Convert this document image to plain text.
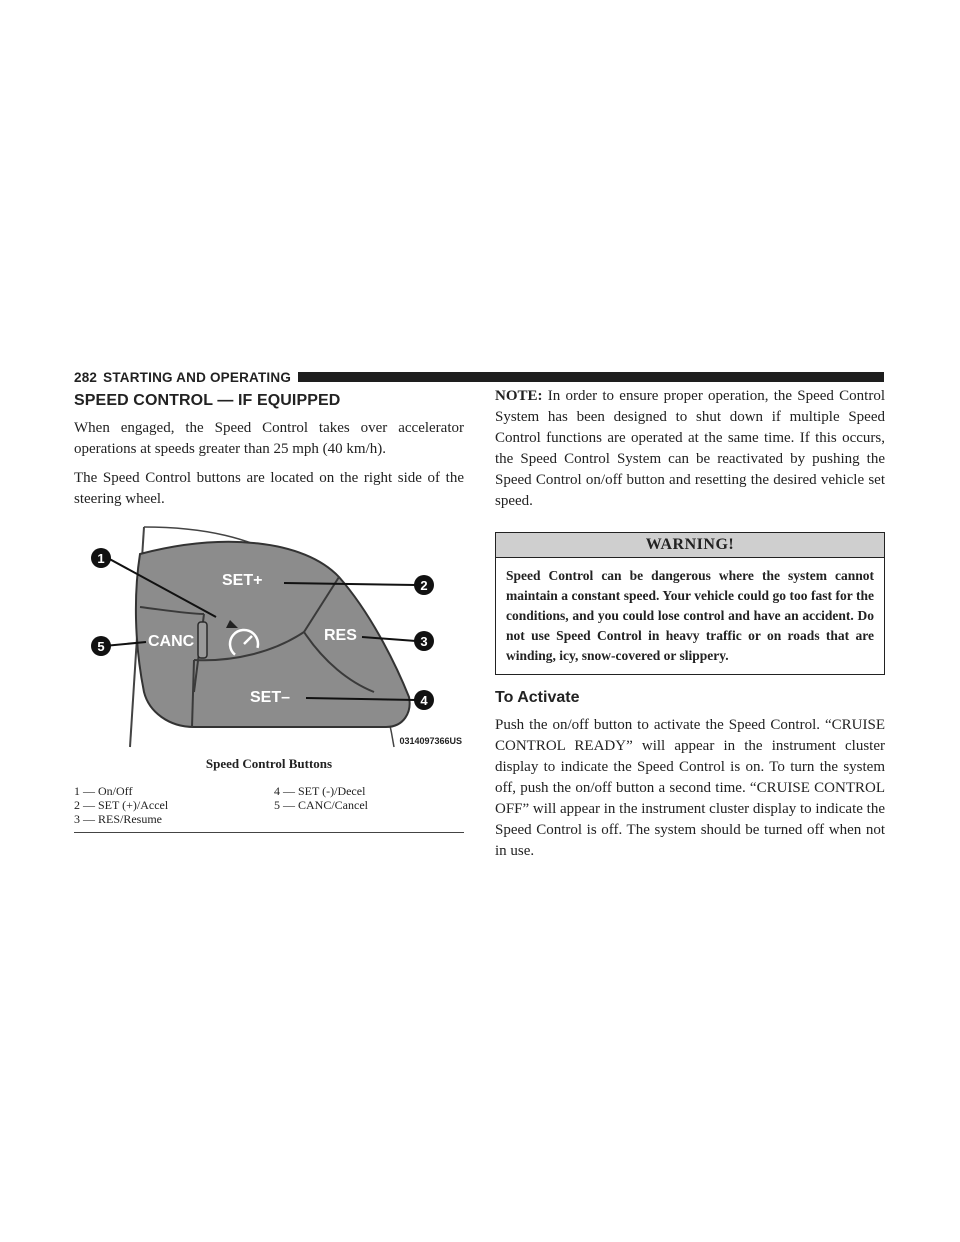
282 STARTING AND OPERATING
SPEED CONTROL — IF EQUIPPED

When engaged, the Speed Control takes over accelerator operations at speeds greater than 25 mph (40 km/h).

The Speed Control buttons are located on the right side of the steering wheel.

SET+
CANC	RES
SET–
1
2
3
4
5
0314097366US
Speed Control Buttons
1 — On/Off	4 — SET (-)/Decel
2 — SET (+)/Accel	5 — CANC/Cancel
3 — RES/Resume

NOTE: In order to ensure proper operation, the Speed Control System has been designed to shut down if multiple Speed Control functions are operated at the same time. If this occurs, the Speed Control System can be reactivated by pushing the Speed Control on/off button and resetting the desired vehicle set speed.

WARNING!
Speed Control can be dangerous where the system cannot maintain a constant speed. Your vehicle could go too fast for the conditions, and you could lose control and have an accident. Do not use Speed Control in heavy traffic or on roads that are winding, icy, snow-covered or slippery.
To Activate

Push the on/off button to activate the Speed Control. “CRUISE CONTROL READY” will appear in the instrument cluster display to indicate the Speed Control is on. To turn the system off, push the on/off button a second time. “CRUISE CONTROL OFF” will appear in the instrument cluster display to indicate the Speed Control is off. The system should be turned off when not in use.
